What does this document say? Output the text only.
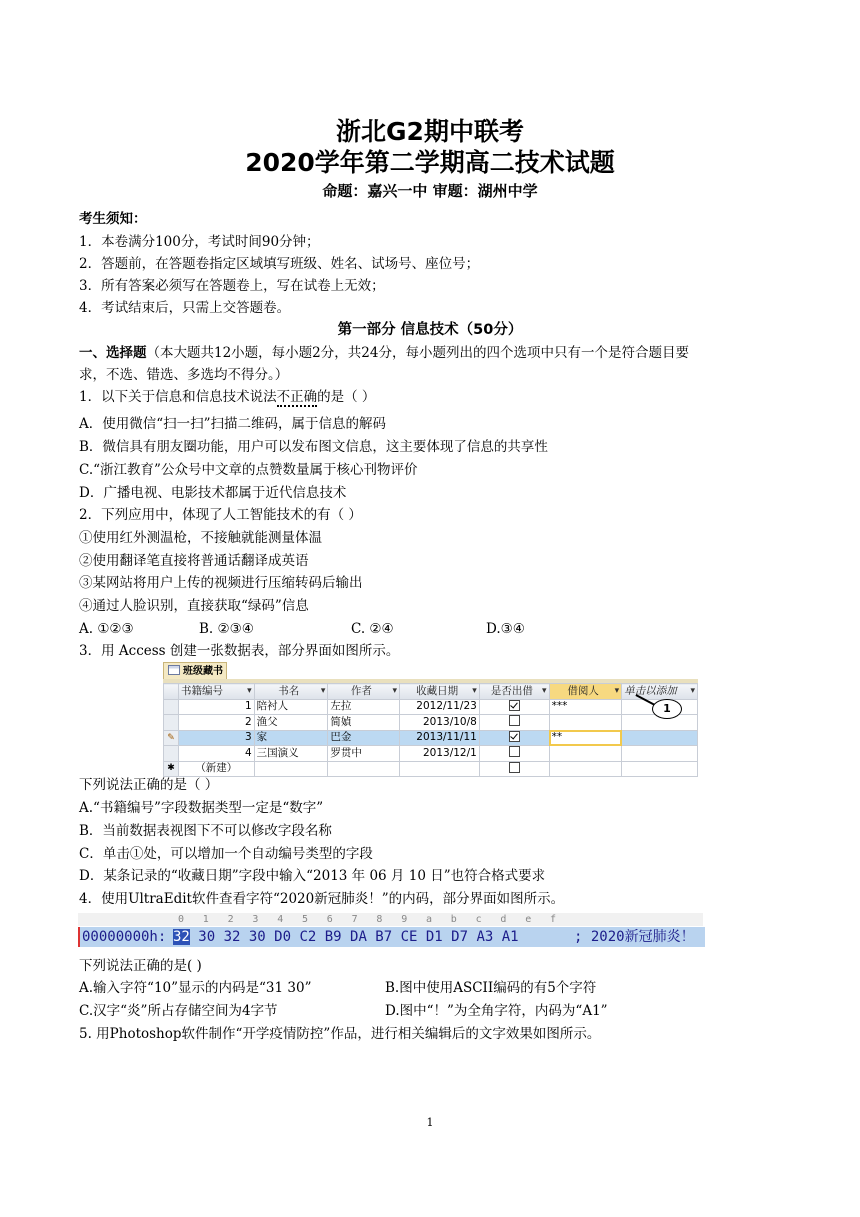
浙北G2期中联考
2020学年第二学期高二技术试题
命题：嘉兴一中 审题：湖州中学
考生须知：
1．本卷满分100分，考试时间90分钟；
2．答题前，在答题卷指定区域填写班级、姓名、试场号、座位号；
3．所有答案必须写在答题卷上，写在试卷上无效；
4．考试结束后，只需上交答题卷。
第一部分 信息技术（50分）
一、选择题（本大题共12小题，每小题2分，共24分，每小题列出的四个选项中只有一个是符合题目要
求，不选、错选、多选均不得分。）
1．以下关于信息和信息技术说法不正确的是（ ）
A．使用微信“扫一扫”扫描二维码，属于信息的解码
B．微信具有朋友圈功能，用户可以发布图文信息，这主要体现了信息的共享性
C.“浙江教育”公众号中文章的点赞数量属于核心刊物评价
D．广播电视、电影技术都属于近代信息技术
2．下列应用中，体现了人工智能技术的有（ ）
①使用红外测温枪，不接触就能测量体温
②使用翻译笔直接将普通话翻译成英语
③某网站将用户上传的视频进行压缩转码后输出
④通过人脸识别，直接获取“绿码”信息
A. ①②③	B. ②③④	C. ②④	D.③④
3．用 Access 创建一张数据表，部分界面如图所示。
班级藏书
	书籍编号 ▾	书名 ▾	作者 ▾	收藏日期 ▾	是否出借 ▾	借阅人 ▾	单击以添加 ▾

	1	陪衬人	左拉	2012/11/23		***	
	2	渔父	简媜	2013/10/8			
✎	3	家	巴金	2013/11/11		**	
	4	三国演义	罗贯中	2013/12/1			
✱	（新建）						
1
下列说法正确的是（ ）
A.“书籍编号”字段数据类型一定是“数字”
B．当前数据表视图下不可以修改字段名称
C．单击①处，可以增加一个自动编号类型的字段
D．某条记录的“收藏日期”字段中输入“2013 年 06 月 10 日”也符合格式要求
4．使用UltraEdit软件查看字符“2020新冠肺炎！”的内码，部分界面如图所示。
0 1 2 3 4 5 6 7 8 9 a b c d e f
00000000h: 32 30 32 30 D0 C2 B9 DA B7 CE D1 D7 A3 A1	; 2020新冠肺炎！
下列说法正确的是( )
A.输入字符“10”显示的内码是“31 30”	B.图中使用ASCII编码的有5个字符
C.汉字“炎”所占存储空间为4字节	D.图中“！”为全角字符，内码为“A1”
5. 用Photoshop软件制作“开学疫情防控”作品，进行相关编辑后的文字效果如图所示。
1
